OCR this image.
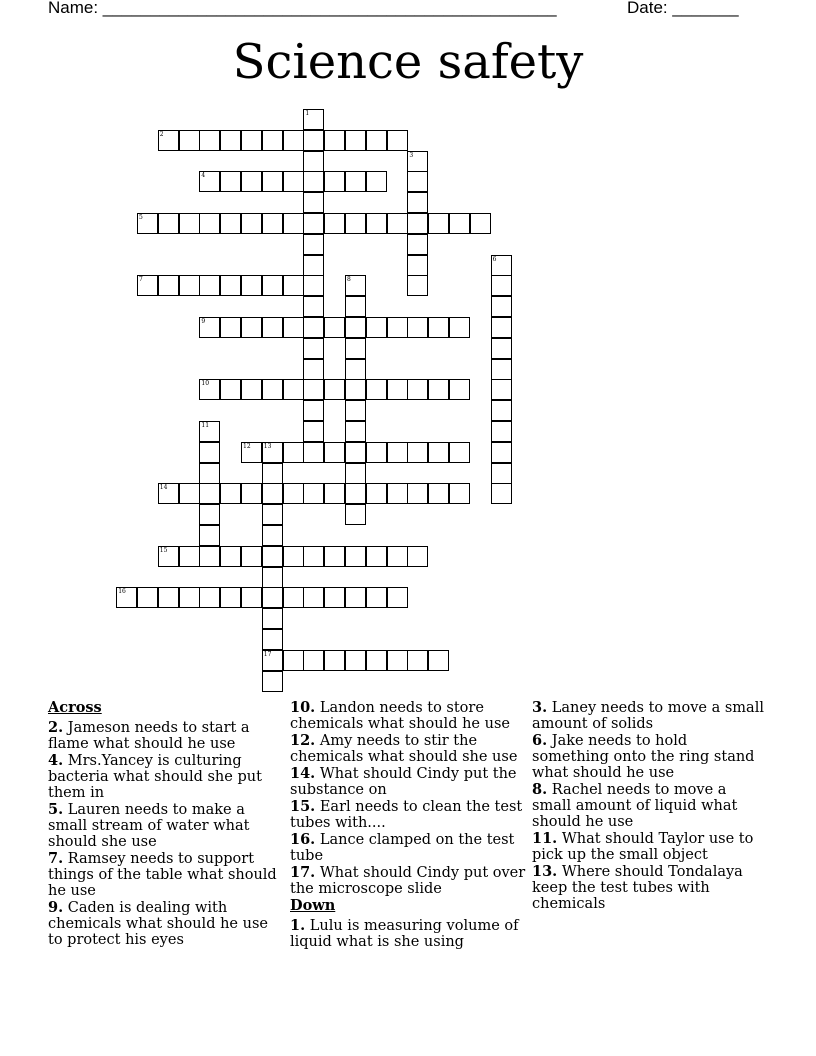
Name: ________________________________________________	Date: _______
Science safety
1
2
3
4
5
6
7	8
9
10
11
12 13
17
14
15
16
Across
2. Jameson needs to start a flame what should he use
4. Mrs.Yancey is culturing bacteria what should she put them in
5. Lauren needs to make a small stream of water what should she use
7. Ramsey needs to support things of the table what should he use
9. Caden is dealing with chemicals what should he use to protect his eyes
10. Landon needs to store chemicals what should he use
12. Amy needs to stir the chemicals what should she use
14. What should Cindy put the substance on
15. Earl needs to clean the test tubes with....
16. Lance clamped on the test tube
17. What should Cindy put over the microscope slide
Down
1. Lulu is measuring volume of liquid what is she using
3. Laney needs to move a small amount of solids
6. Jake needs to hold something onto the ring stand what should he use
8. Rachel needs to move a small amount of liquid what should he use
11. What should Taylor use to pick up the small object
13. Where should Tondalaya keep the test tubes with chemicals
